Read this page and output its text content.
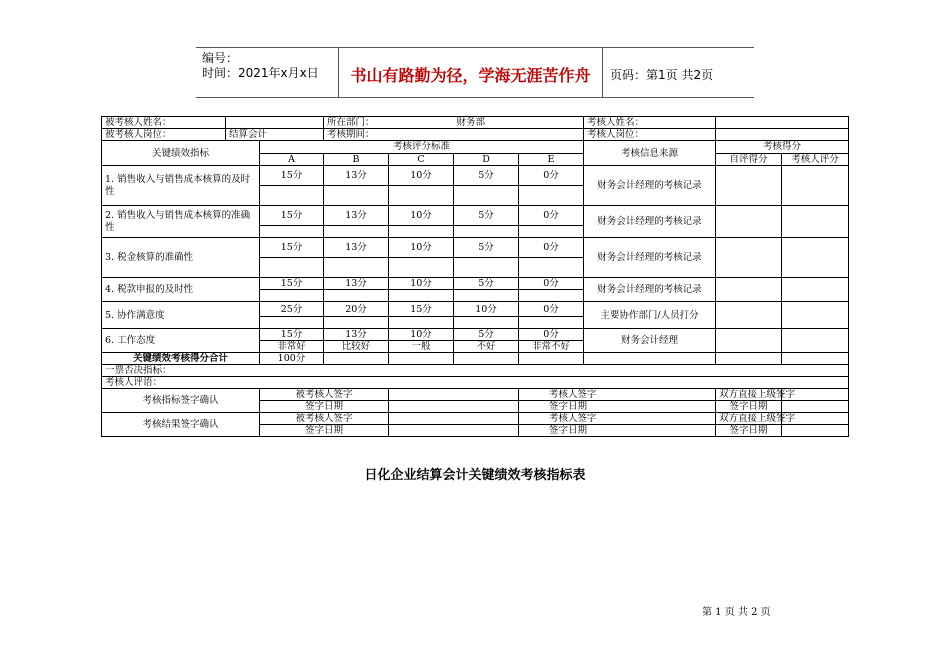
编号：
时间：2021年x月x日	书山有路勤为径，学海无涯苦作舟	页码：第1页 共2页
被考核人姓名：			所在部门：		财务部		考核人姓名：		
被考核人岗位：	结算会计		考核期间：				考核人岗位：		
关键绩效指标		考核评分标准					考核信息来源	考核得分	
		A	B	C	D	E		自评得分	考核人评分
1. 销售收入与销售成本核算的及时性		15分	13分	10分	5分	0分	财务会计经理的考核记录		

2. 销售收入与销售成本核算的准确性		15分	13分	10分	5分	0分	财务会计经理的考核记录		

3. 税金核算的准确性		15分	13分	10分	5分	0分	财务会计经理的考核记录		

4. 税款申报的及时性		15分	13分	10分	5分	0分	财务会计经理的考核记录		

5. 协作满意度		25分	20分	15分	10分	0分	主要协作部门/人员打分		

6. 工作态度		15分	13分	10分	5分	0分	财务会计经理		
		非常好	比较好	一般	不好	非常不好			
关键绩效考核得分合计		100分							
一票否决指标：									
考核人评语：									
考核指标签字确认		被考核人签字				考核人签字		双方直接上级签字	
		签字日期				签字日期		签字日期	
考核结果签字确认		被考核人签字				考核人签字		双方直接上级签字	
		签字日期				签字日期		签字日期	
日化企业结算会计关键绩效考核指标表
第 1 页 共 2 页
